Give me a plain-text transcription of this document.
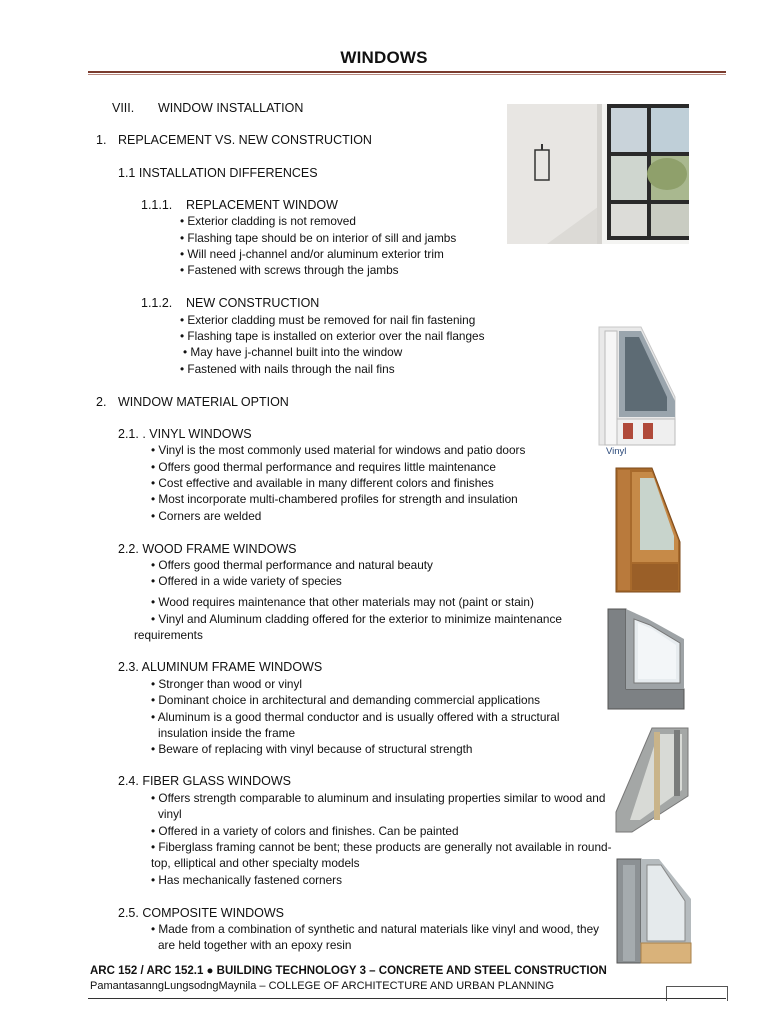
WINDOWS
VIII. WINDOW INSTALLATION
1. REPLACEMENT VS. NEW CONSTRUCTION
1.1 INSTALLATION DIFFERENCES
1.1.1. REPLACEMENT WINDOW
• Exterior cladding is not removed
• Flashing tape should be on interior of sill and jambs
• Will need j-channel and/or aluminum exterior trim
• Fastened with screws through the jambs
1.1.2. NEW CONSTRUCTION
• Exterior cladding must be removed for nail fin fastening
• Flashing tape is installed on exterior over the nail flanges
• May have j-channel built into the window
• Fastened with nails through the nail fins
2. WINDOW MATERIAL OPTION
2.1. . VINYL WINDOWS
• Vinyl is the most commonly used material for windows and patio doors
• Offers good thermal performance and requires little maintenance
• Cost effective and available in many different colors and finishes
• Most incorporate multi-chambered profiles for strength and insulation
• Corners are welded
2.2. WOOD FRAME WINDOWS
• Offers good thermal performance and natural beauty
• Offered in a wide variety of species
• Wood requires maintenance that other materials may not (paint or stain)
• Vinyl and Aluminum cladding offered for the exterior to minimize maintenance
requirements
2.3. ALUMINUM FRAME WINDOWS
• Stronger than wood or vinyl
• Dominant choice in architectural and demanding commercial applications
• Aluminum is a good thermal conductor and is usually offered with a structural
insulation inside the frame
• Beware of replacing with vinyl because of structural strength
2.4. FIBER GLASS WINDOWS
• Offers strength comparable to aluminum and insulating properties similar to wood and
vinyl
• Offered in a variety of colors and finishes. Can be painted
• Fiberglass framing cannot be bent; these products are generally not available in round-
top, elliptical and other specialty models
• Has mechanically fastened corners
2.5. COMPOSITE WINDOWS
• Made from a combination of synthetic and natural materials like vinyl and wood, they
are held together with an epoxy resin
Vinyl
ARC 152 / ARC 152.1 ● BUILDING TECHNOLOGY 3 – CONCRETE AND STEEL CONSTRUCTION
PamantasanngLungsodngMaynila – COLLEGE OF ARCHITECTURE AND URBAN PLANNING
